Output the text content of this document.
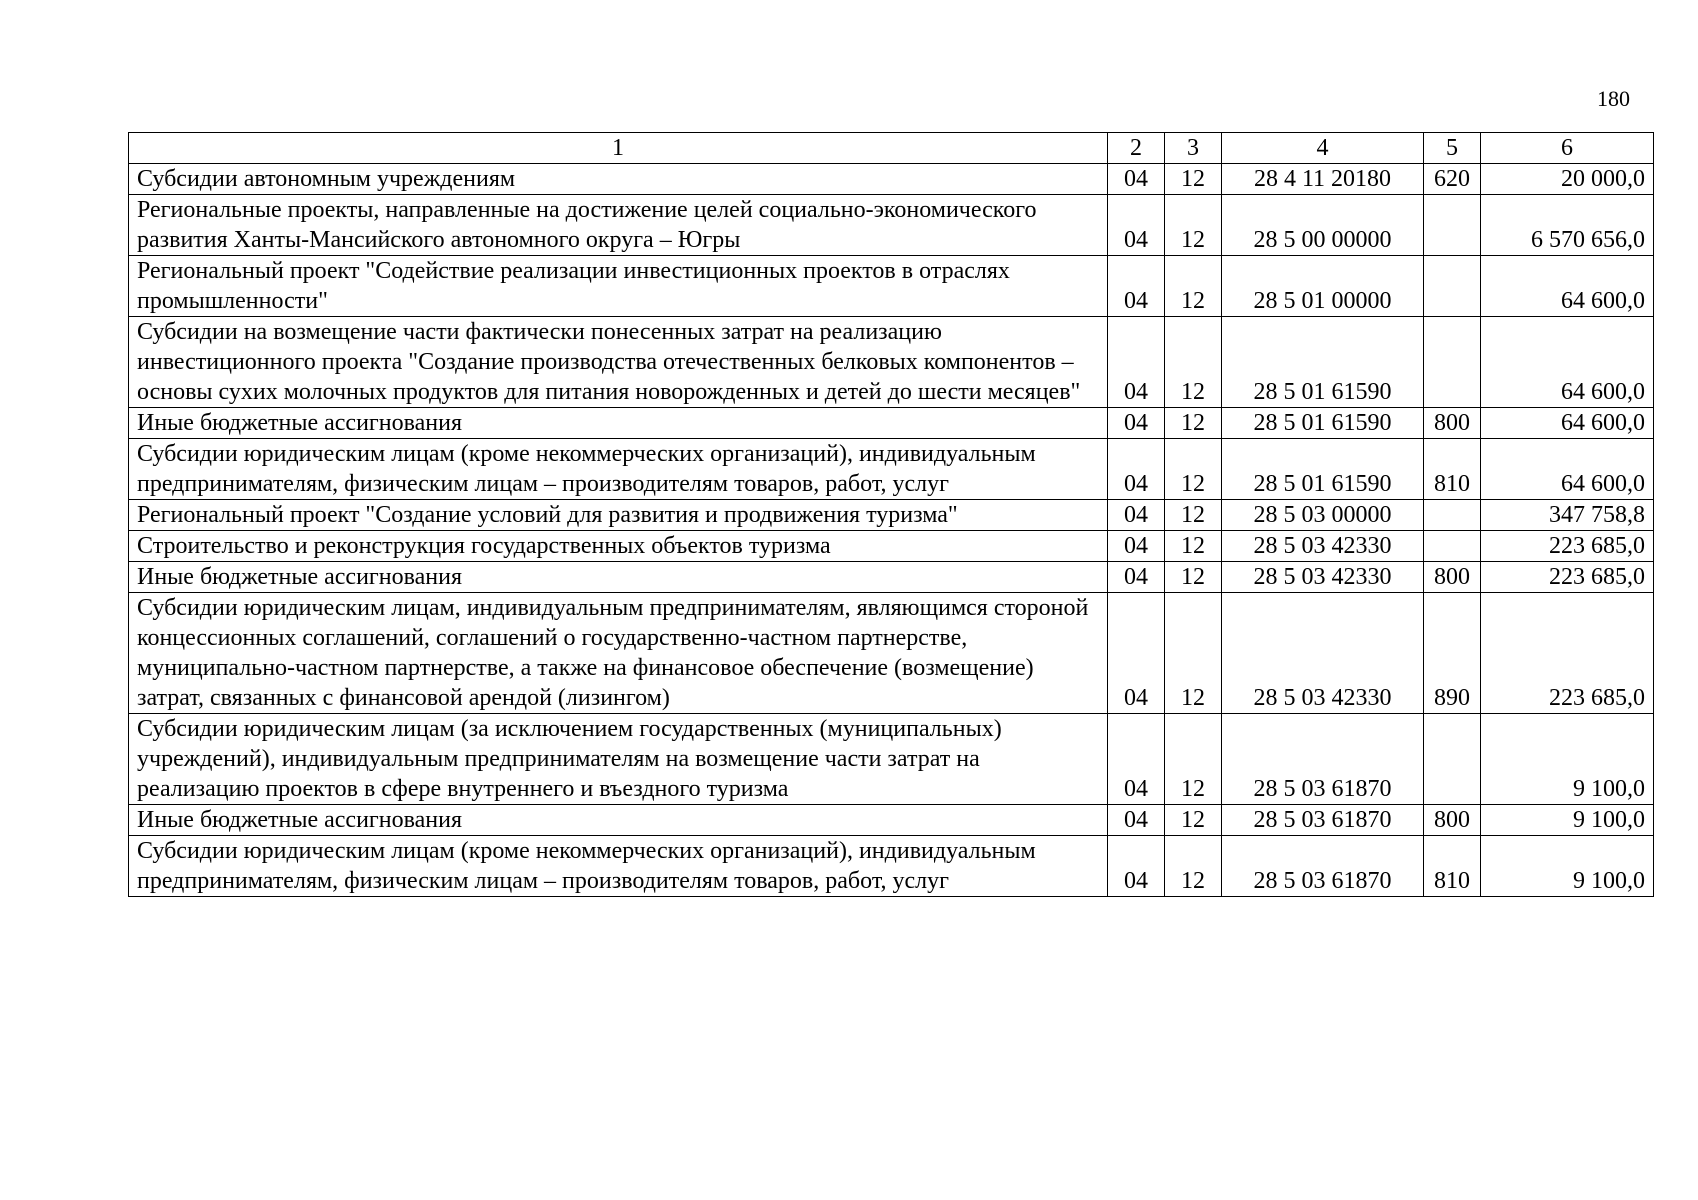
180
1	2	3	4	5	6
Субсидии автономным учреждениям	04	12	28 4 11 20180	620	20 000,0
Региональные проекты, направленные на достижение целей социально-экономического развития Ханты-Мансийского автономного округа – Югры	04	12	28 5 00 00000		6 570 656,0
Региональный проект "Содействие реализации инвестиционных проектов в отраслях промышленности"	04	12	28 5 01 00000		64 600,0
Субсидии на возмещение части фактически понесенных затрат на реализацию инвестиционного проекта "Создание производства отечественных белковых компонентов – основы сухих молочных продуктов для питания новорожденных и детей до шести месяцев"	04	12	28 5 01 61590		64 600,0
Иные бюджетные ассигнования	04	12	28 5 01 61590	800	64 600,0
Субсидии юридическим лицам (кроме некоммерческих организаций), индивидуальным предпринимателям, физическим лицам – производителям товаров, работ, услуг	04	12	28 5 01 61590	810	64 600,0
Региональный проект "Создание условий для развития и продвижения туризма"	04	12	28 5 03 00000		347 758,8
Строительство и реконструкция государственных объектов туризма	04	12	28 5 03 42330		223 685,0
Иные бюджетные ассигнования	04	12	28 5 03 42330	800	223 685,0
Субсидии юридическим лицам, индивидуальным предпринимателям, являющимся стороной концессионных соглашений, соглашений о государственно-частном партнерстве, муниципально-частном партнерстве, а также на финансовое обеспечение (возмещение) затрат, связанных с финансовой арендой (лизингом)	04	12	28 5 03 42330	890	223 685,0
Субсидии юридическим лицам (за исключением государственных (муниципальных) учреждений), индивидуальным предпринимателям на возмещение части затрат на реализацию проектов в сфере внутреннего и въездного туризма	04	12	28 5 03 61870		9 100,0
Иные бюджетные ассигнования	04	12	28 5 03 61870	800	9 100,0
Субсидии юридическим лицам (кроме некоммерческих организаций), индивидуальным предпринимателям, физическим лицам – производителям товаров, работ, услуг	04	12	28 5 03 61870	810	9 100,0
